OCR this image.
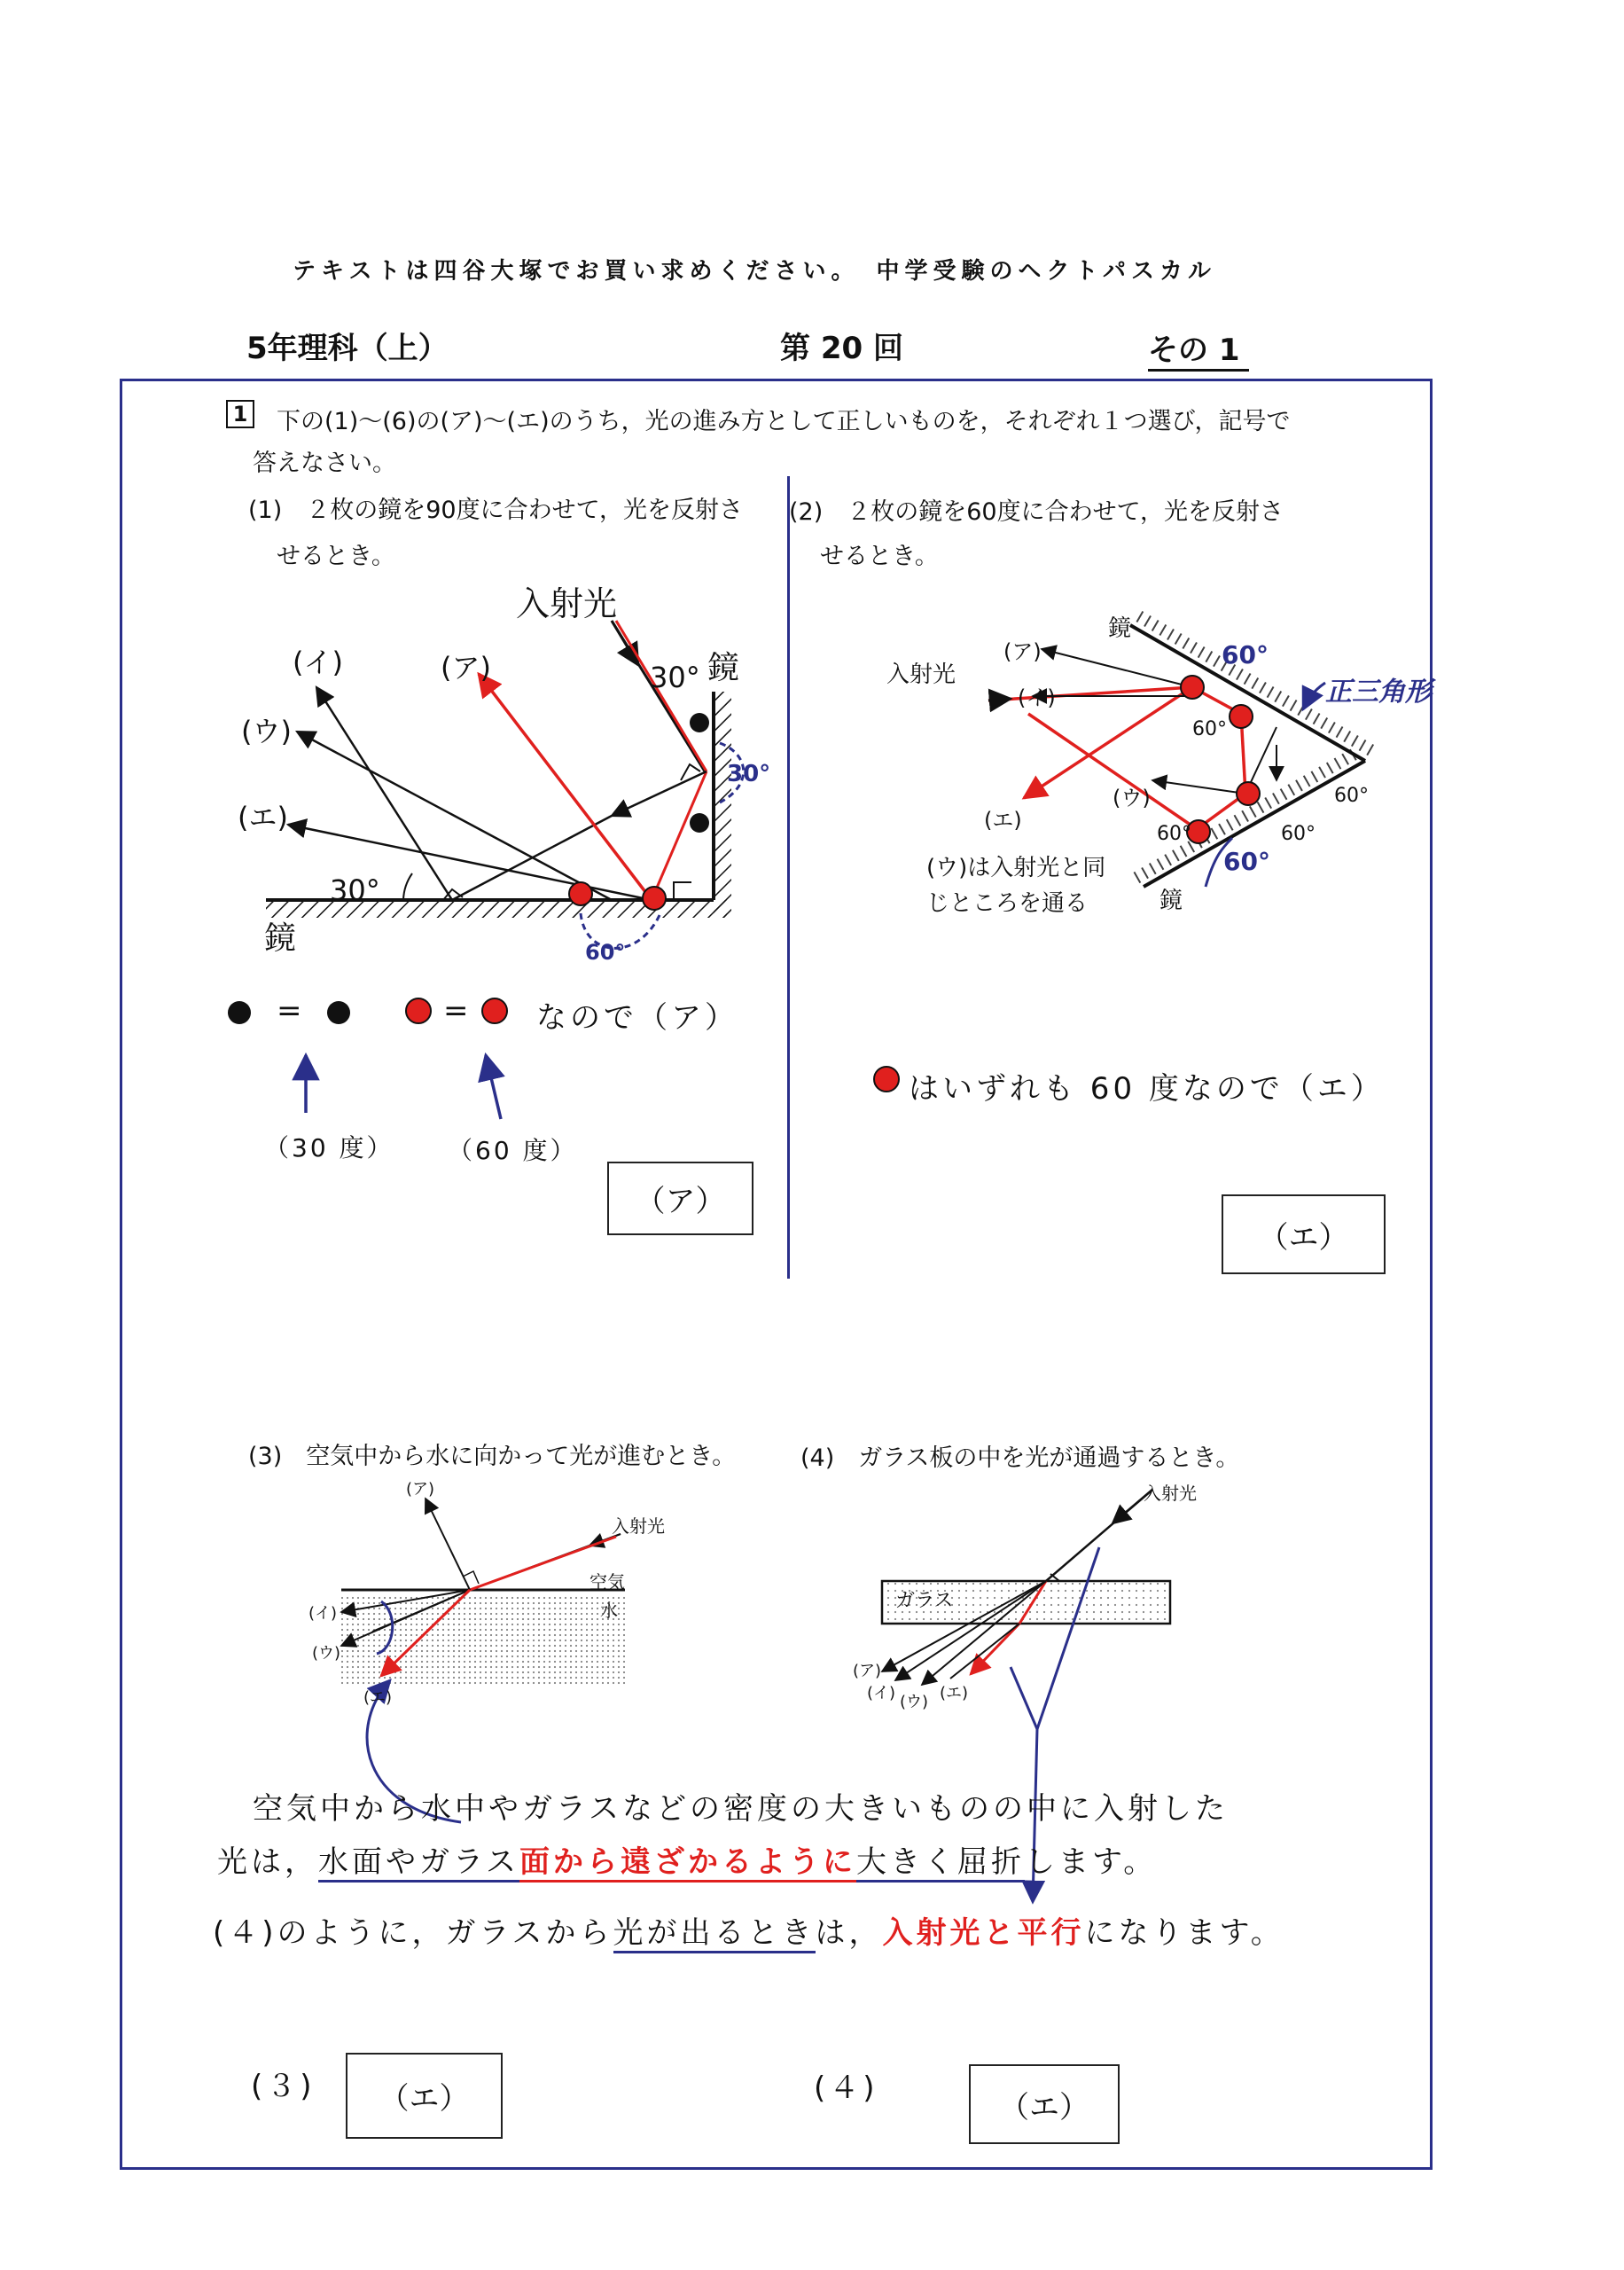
テキストは四谷大塚でお買い求めください。　中学受験のヘクトパスカル
5年理科（上）	第 20 回	その 1
1 下の(1)〜(6)の(ア)〜(エ)のうち，光の進み方として正しいものを，それぞれ１つ選び，記号で
答えなさい。
(1)　２枚の鏡を90度に合わせて，光を反射さ
せるとき。
(2)　２枚の鏡を60度に合わせて，光を反射さ
せるとき。
(3)　空気中から水に向かって光が進むとき。	(4)　ガラス板の中を光が通過するとき。
入射光
鏡
30°
30°
60°
(イ)	(ア)
(ウ)
(エ)
30°
鏡
=	= なので（ア）
（30 度） （60 度）
（ア）
鏡
入射光
(ア)
(イ)
(ウ)
(エ)
60°
60°
60°
60°
60°
60°
正三角形
(ウ)は入射光と同
じところを通る	鏡
はいずれも 60 度なので（エ）
（エ）
入射光
空気
水
(ア)
(イ)
(ウ)
(エ)
入射光
ガラス
(ア)
(イ) (ウ) (エ)
空気中から水中やガラスなどの密度の大きいものの中に入射した
光は，水面やガラス面から遠ざかるように大きく屈折します。
(４)のように，ガラスから光が出るときは，入射光と平行になります。
(３)	（エ）	(４)
（エ）
